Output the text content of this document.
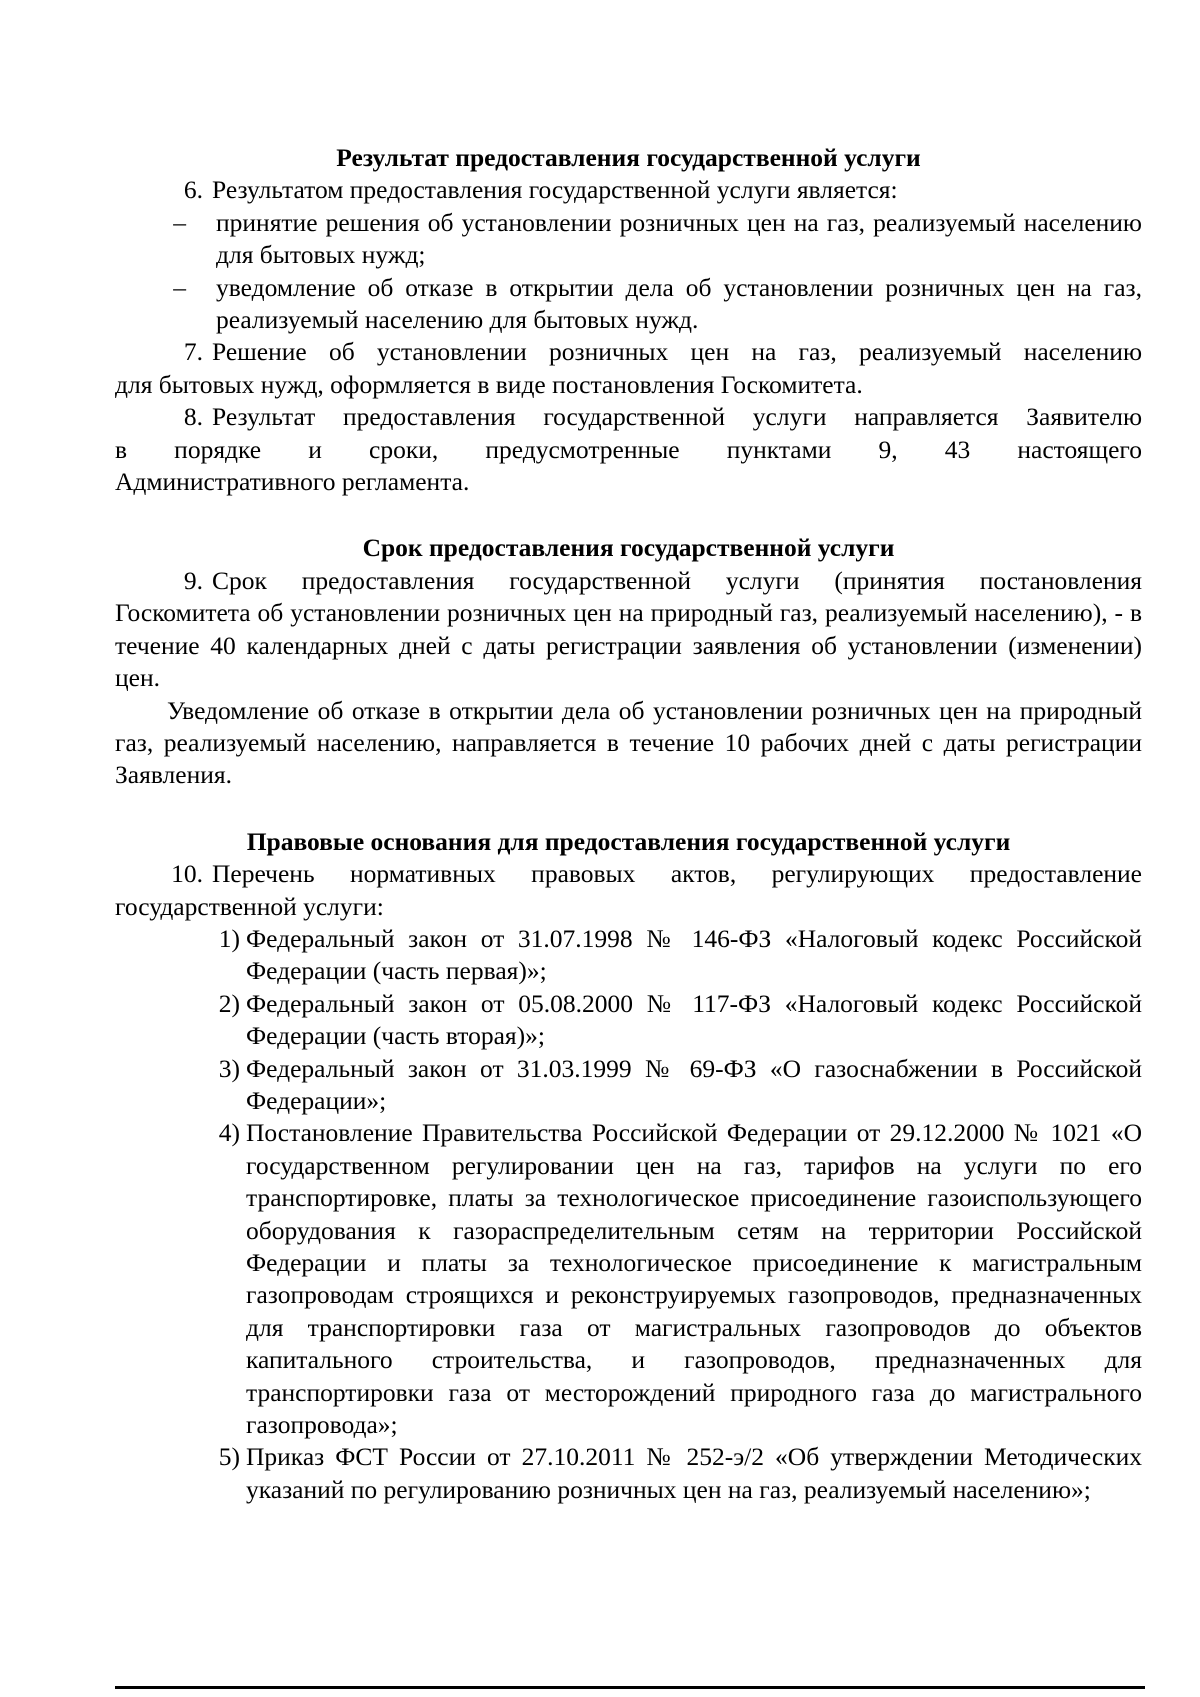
Результат предоставления государственной услуги
6. Результатом предоставления государственной услуги является:
–	принятие решения об установлении розничных цен на газ, реализуемый населению для бытовых нужд;
–	уведомление об отказе в открытии дела об установлении розничных цен на газ, реализуемый населению для бытовых нужд.
7. Решение об установлении розничных цен на газ, реализуемый населению
для бытовых нужд, оформляется в виде постановления Госкомитета.
8. Результат предоставления государственной услуги направляется Заявителю
в порядке и сроки, предусмотренные пунктами 9, 43 настоящего
Административного регламента.
Срок предоставления государственной услуги
9. Срок предоставления государственной услуги (принятия постановления
Госкомитета об установлении розничных цен на природный газ, реализуемый населению), - в течение 40 календарных дней с даты регистрации заявления об установлении (изменении) цен.
Уведомление об отказе в открытии дела об установлении розничных цен на природный газ, реализуемый населению, направляется в течение 10 рабочих дней с даты регистрации Заявления.
Правовые основания для предоставления государственной услуги
10. Перечень нормативных правовых актов, регулирующих предоставление
государственной услуги:
1) Федеральный закон от 31.07.1998 № 146-ФЗ «Налоговый кодекс Российской Федерации (часть первая)»;
2) Федеральный закон от 05.08.2000 № 117-ФЗ «Налоговый кодекс Российской Федерации (часть вторая)»;
3) Федеральный закон от 31.03.1999 № 69-ФЗ «О газоснабжении в Российской Федерации»;
4) Постановление Правительства Российской Федерации от 29.12.2000 № 1021 «О государственном регулировании цен на газ, тарифов на услуги по его транспортировке, платы за технологическое присоединение газоиспользующего оборудования к газораспределительным сетям на территории Российской Федерации и платы за технологическое присоединение к магистральным газопроводам строящихся и реконструируемых газопроводов, предназначенных для транспортировки газа от магистральных газопроводов до объектов капитального строительства, и газопроводов, предназначенных для транспортировки газа от месторождений природного газа до магистрального газопровода»;
5) Приказ ФСТ России от 27.10.2011 № 252-э/2 «Об утверждении Методических указаний по регулированию розничных цен на газ, реализуемый населению»;
